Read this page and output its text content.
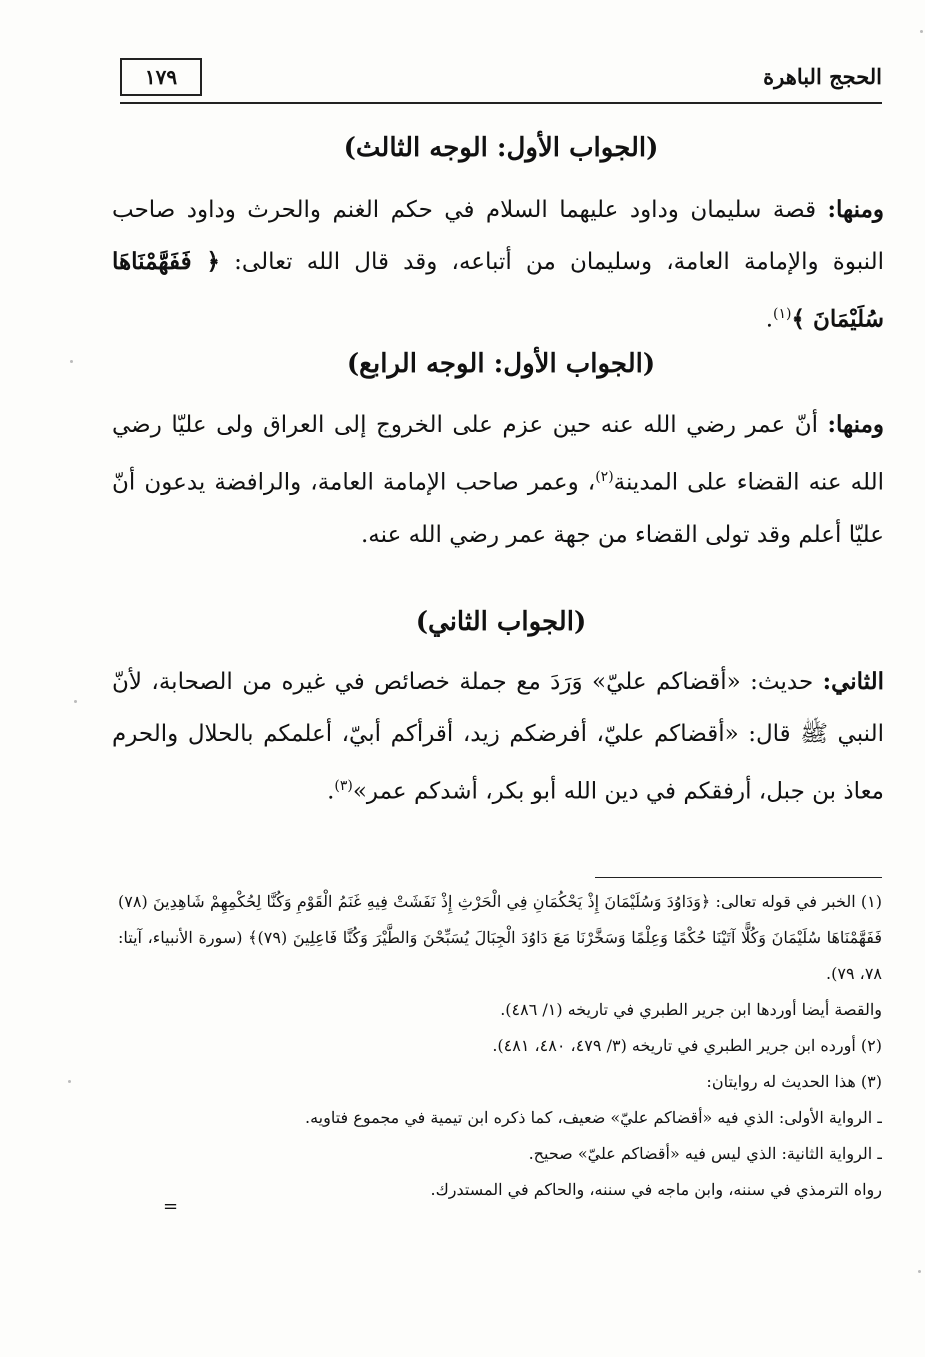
١٧٩	الحجج الباهرة
(الجواب الأول: الوجه الثالث)
ومنها: قصة سليمان وداود عليهما السلام في حكم الغنم والحرث وداود صاحب النبوة والإمامة العامة، وسليمان من أتباعه، وقد قال الله تعالى: ﴿ فَفَهَّمْنَاهَا سُلَيْمَانَ ﴾$^{(١)}$.
(الجواب الأول: الوجه الرابع)
ومنها: أنّ عمر رضي الله عنه حين عزم على الخروج إلى العراق ولى عليّا رضي الله عنه القضاء على المدينة$^{(٢)}$، وعمر صاحب الإمامة العامة، والرافضة يدعون أنّ عليّا أعلم وقد تولى القضاء من جهة عمر رضي الله عنه.
(الجواب الثاني)
الثاني: حديث: «أقضاكم عليّ» وَرَدَ مع جملة خصائص في غيره من الصحابة، لأنّ النبي ﷺ قال: «أقضاكم عليّ، أفرضكم زيد، أقرأكم أبيّ، أعلمكم بالحلال والحرم معاذ بن جبل، أرفقكم في دين الله أبو بكر، أشدكم عمر»$^{(٣)}$.
(١) الخبر في قوله تعالى: ﴿وَدَاوُدَ وَسُلَيْمَانَ إِذْ يَحْكُمَانِ فِي الْحَرْثِ إِذْ نَفَشَتْ فِيهِ غَنَمُ الْقَوْمِ وَكُنَّا لِحُكْمِهِمْ شَاهِدِينَ (٧٨) فَفَهَّمْنَاهَا سُلَيْمَانَ وَكُلًّا آتَيْنَا حُكْمًا وَعِلْمًا وَسَخَّرْنَا مَعَ دَاوُدَ الْجِبَالَ يُسَبِّحْنَ وَالطَّيْرَ وَكُنَّا فَاعِلِينَ (٧٩)﴾ (سورة الأنبياء، آيتا: ٧٨، ٧٩).
والقصة أيضا أوردها ابن جرير الطبري في تاريخه (١/ ٤٨٦).
(٢) أورده ابن جرير الطبري في تاريخه (٣/ ٤٧٩، ٤٨٠، ٤٨١).
(٣) هذا الحديث له روايتان:
ـ الرواية الأولى: الذي فيه «أقضاكم عليّ» ضعيف، كما ذكره ابن تيمية في مجموع فتاويه.
ـ الرواية الثانية: الذي ليس فيه «أقضاكم عليّ» صحيح.
رواه الترمذي في سننه، وابن ماجه في سننه، والحاكم في المستدرك.
=
